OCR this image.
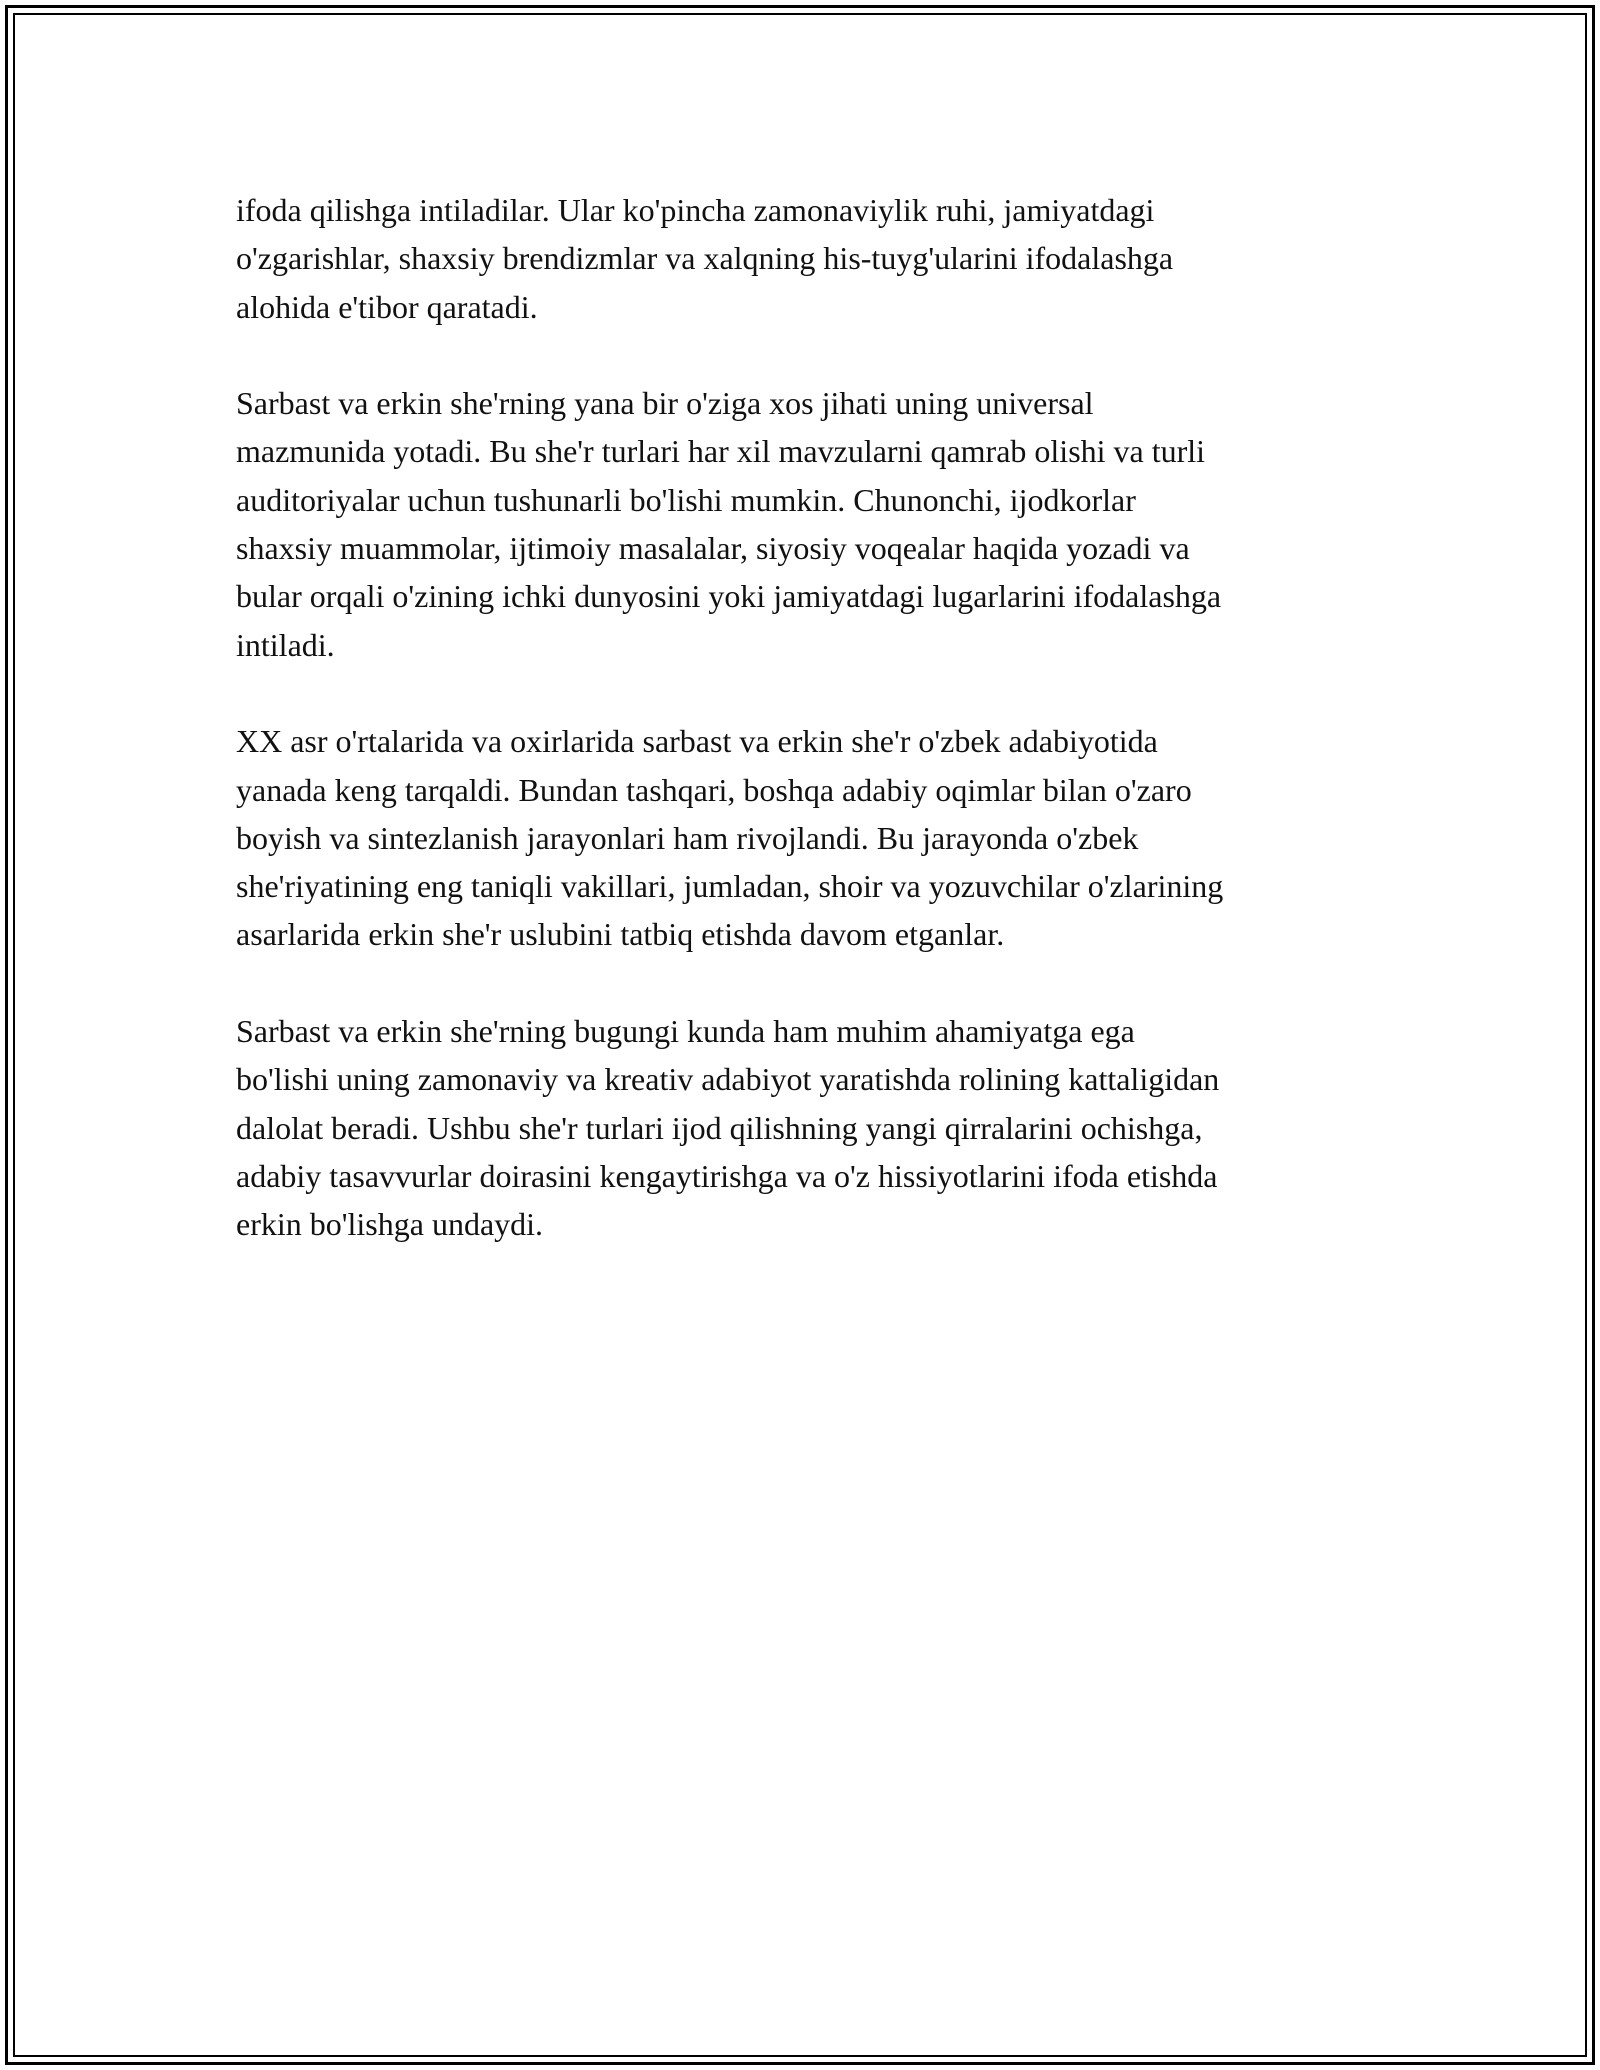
ifoda qilishga intiladilar. Ular ko'pincha zamonaviylik ruhi, jamiyatdagi
o'zgarishlar, shaxsiy brendizmlar va xalqning his-tuyg'ularini ifodalashga
alohida e'tibor qaratadi.

Sarbast va erkin she'rning yana bir o'ziga xos jihati uning universal
mazmunida yotadi. Bu she'r turlari har xil mavzularni qamrab olishi va turli
auditoriyalar uchun tushunarli bo'lishi mumkin. Chunonchi, ijodkorlar
shaxsiy muammolar, ijtimoiy masalalar, siyosiy voqealar haqida yozadi va
bular orqali o'zining ichki dunyosini yoki jamiyatdagi lugarlarini ifodalashga
intiladi.

XX asr o'rtalarida va oxirlarida sarbast va erkin she'r o'zbek adabiyotida
yanada keng tarqaldi. Bundan tashqari, boshqa adabiy oqimlar bilan o'zaro
boyish va sintezlanish jarayonlari ham rivojlandi. Bu jarayonda o'zbek
she'riyatining eng taniqli vakillari, jumladan, shoir va yozuvchilar o'zlarining
asarlarida erkin she'r uslubini tatbiq etishda davom etganlar.

Sarbast va erkin she'rning bugungi kunda ham muhim ahamiyatga ega
bo'lishi uning zamonaviy va kreativ adabiyot yaratishda rolining kattaligidan
dalolat beradi. Ushbu she'r turlari ijod qilishning yangi qirralarini ochishga,
adabiy tasavvurlar doirasini kengaytirishga va o'z hissiyotlarini ifoda etishda
erkin bo'lishga undaydi.
